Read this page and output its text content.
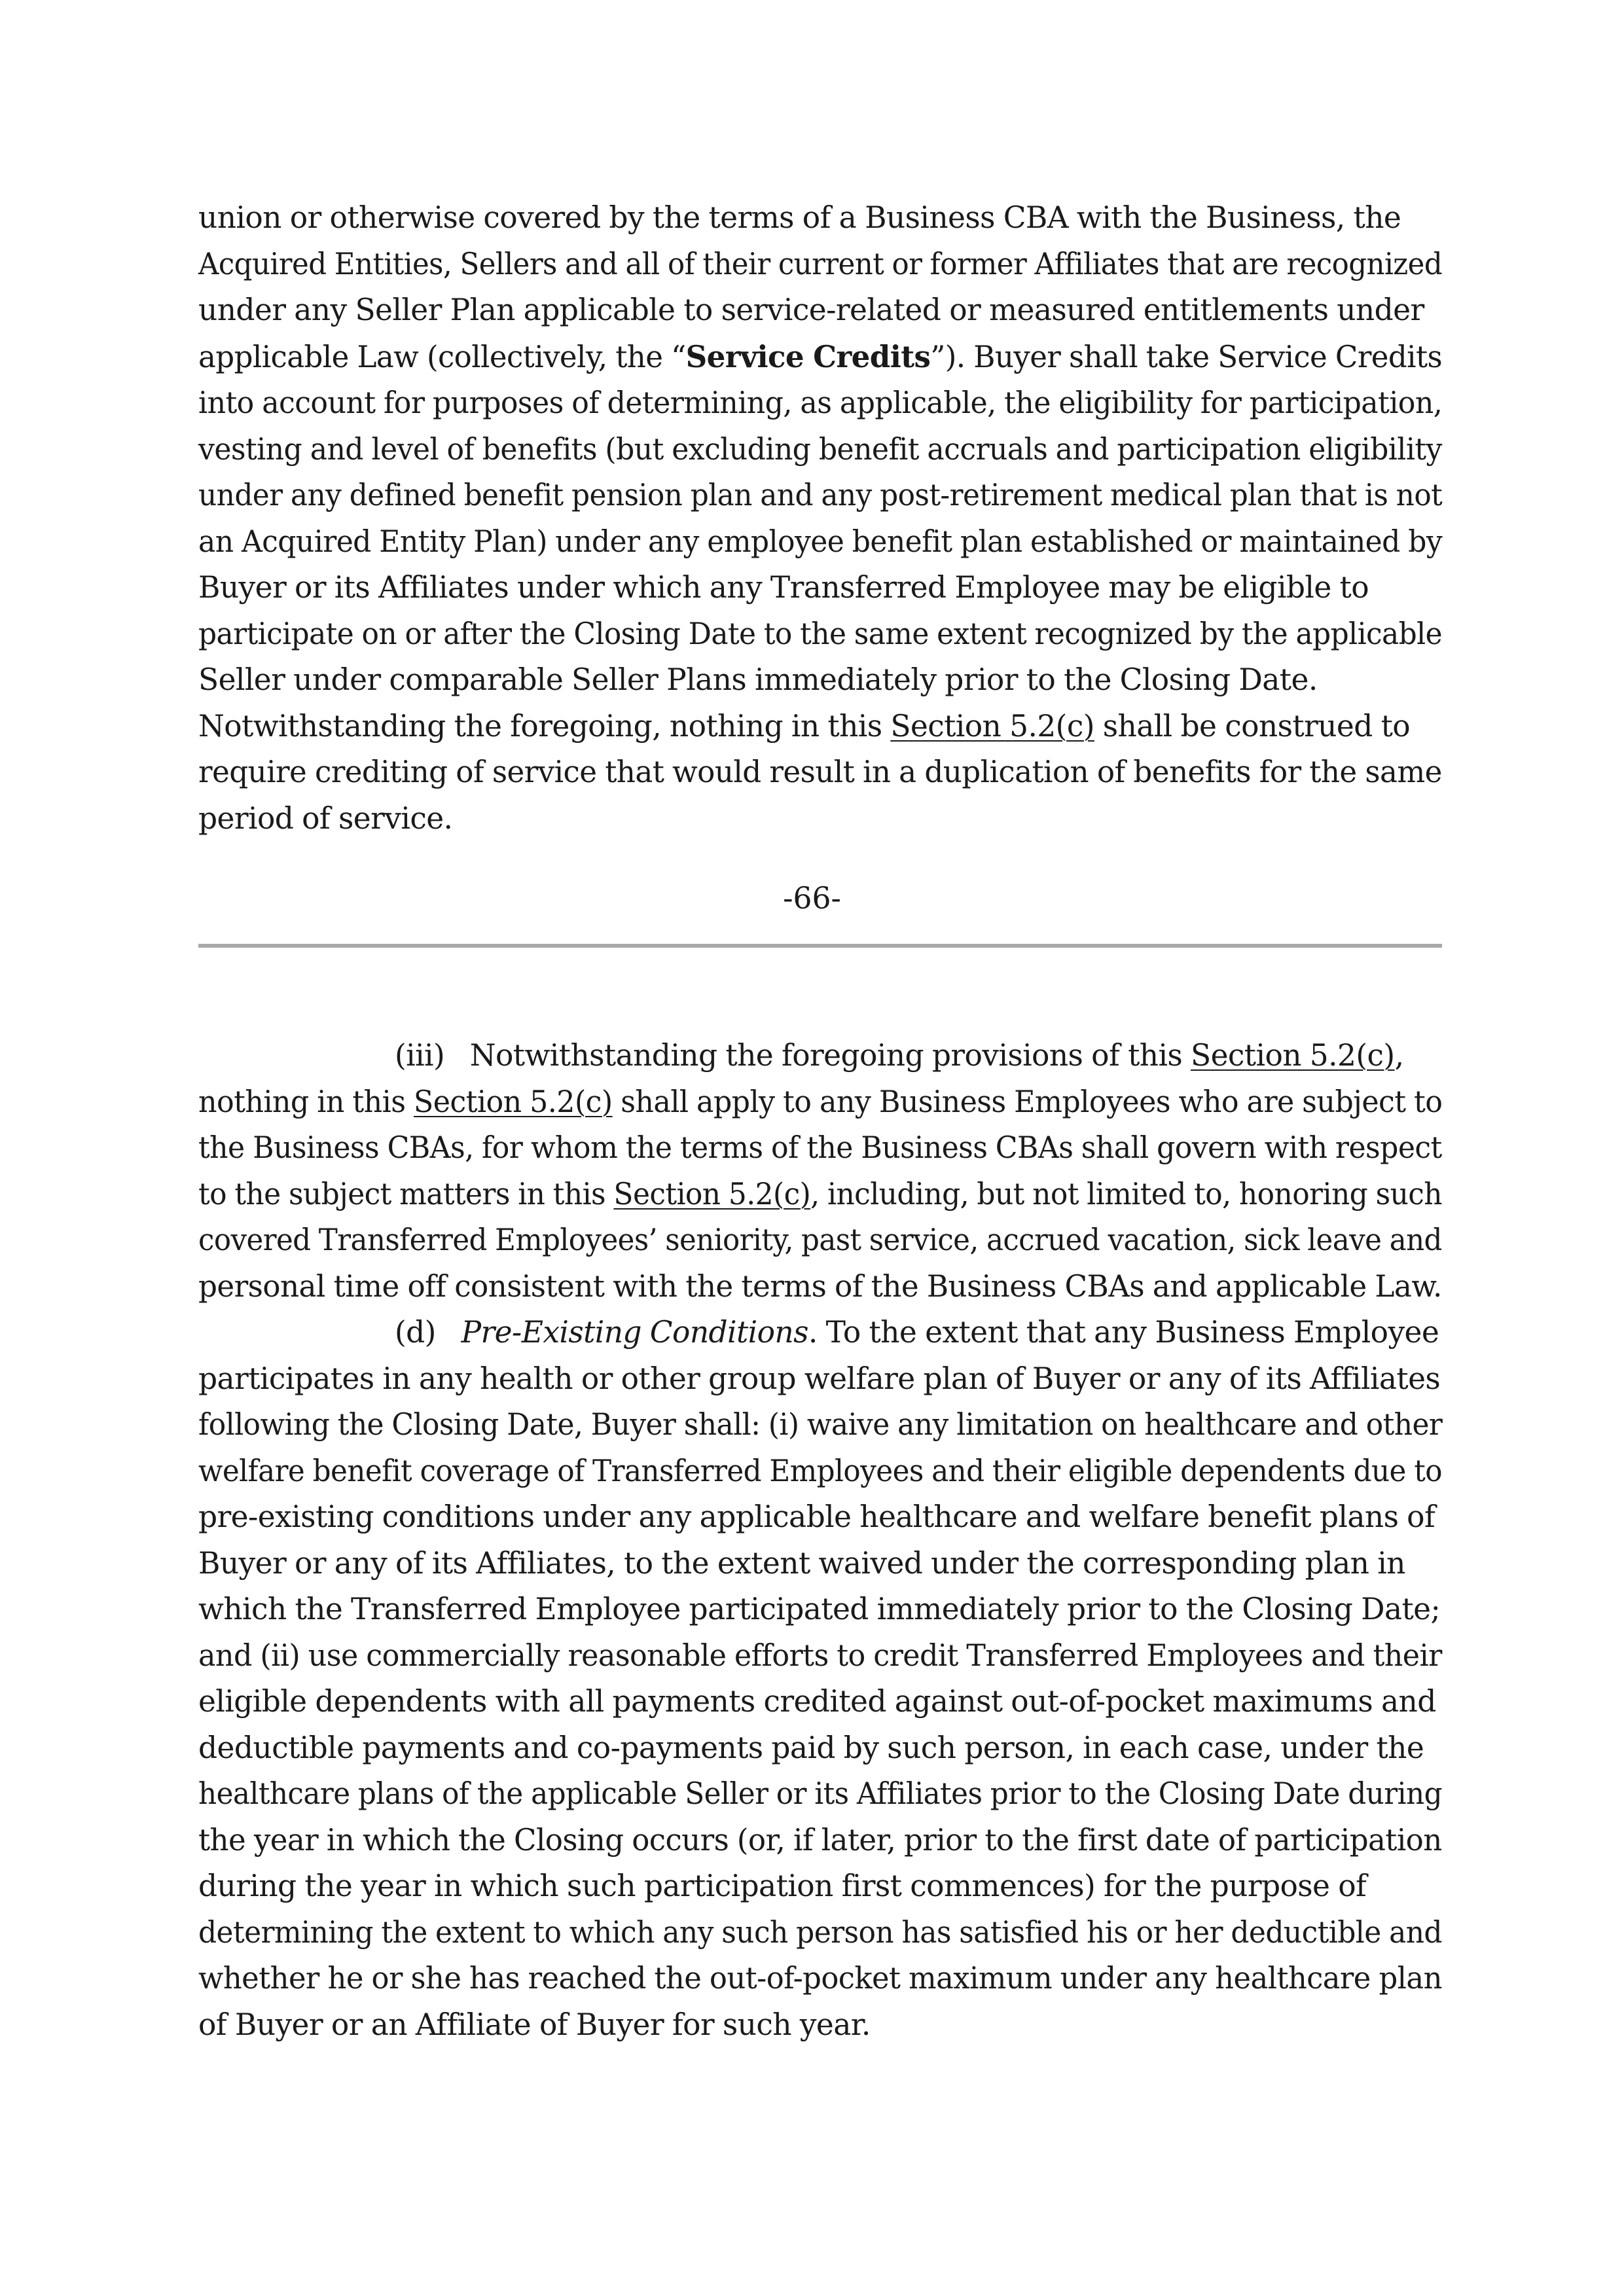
union or otherwise covered by the terms of a Business CBA with the Business, the
Acquired Entities, Sellers and all of their current or former Affiliates that are recognized
under any Seller Plan applicable to service-related or measured entitlements under
applicable Law (collectively, the “Service Credits”). Buyer shall take Service Credits
into account for purposes of determining, as applicable, the eligibility for participation,
vesting and level of benefits (but excluding benefit accruals and participation eligibility
under any defined benefit pension plan and any post-retirement medical plan that is not
an Acquired Entity Plan) under any employee benefit plan established or maintained by
Buyer or its Affiliates under which any Transferred Employee may be eligible to
participate on or after the Closing Date to the same extent recognized by the applicable
Seller under comparable Seller Plans immediately prior to the Closing Date.
Notwithstanding the foregoing, nothing in this Section 5.2(c) shall be construed to
require crediting of service that would result in a duplication of benefits for the same
period of service.
-66-
(iii) Notwithstanding the foregoing provisions of this Section 5.2(c),
nothing in this Section 5.2(c) shall apply to any Business Employees who are subject to
the Business CBAs, for whom the terms of the Business CBAs shall govern with respect
to the subject matters in this Section 5.2(c), including, but not limited to, honoring such
covered Transferred Employees’ seniority, past service, accrued vacation, sick leave and
personal time off consistent with the terms of the Business CBAs and applicable Law.
(d) Pre-Existing Conditions. To the extent that any Business Employee
participates in any health or other group welfare plan of Buyer or any of its Affiliates
following the Closing Date, Buyer shall: (i) waive any limitation on healthcare and other
welfare benefit coverage of Transferred Employees and their eligible dependents due to
pre-existing conditions under any applicable healthcare and welfare benefit plans of
Buyer or any of its Affiliates, to the extent waived under the corresponding plan in
which the Transferred Employee participated immediately prior to the Closing Date;
and (ii) use commercially reasonable efforts to credit Transferred Employees and their
eligible dependents with all payments credited against out-of-pocket maximums and
deductible payments and co-payments paid by such person, in each case, under the
healthcare plans of the applicable Seller or its Affiliates prior to the Closing Date during
the year in which the Closing occurs (or, if later, prior to the first date of participation
during the year in which such participation first commences) for the purpose of
determining the extent to which any such person has satisfied his or her deductible and
whether he or she has reached the out-of-pocket maximum under any healthcare plan
of Buyer or an Affiliate of Buyer for such year.
